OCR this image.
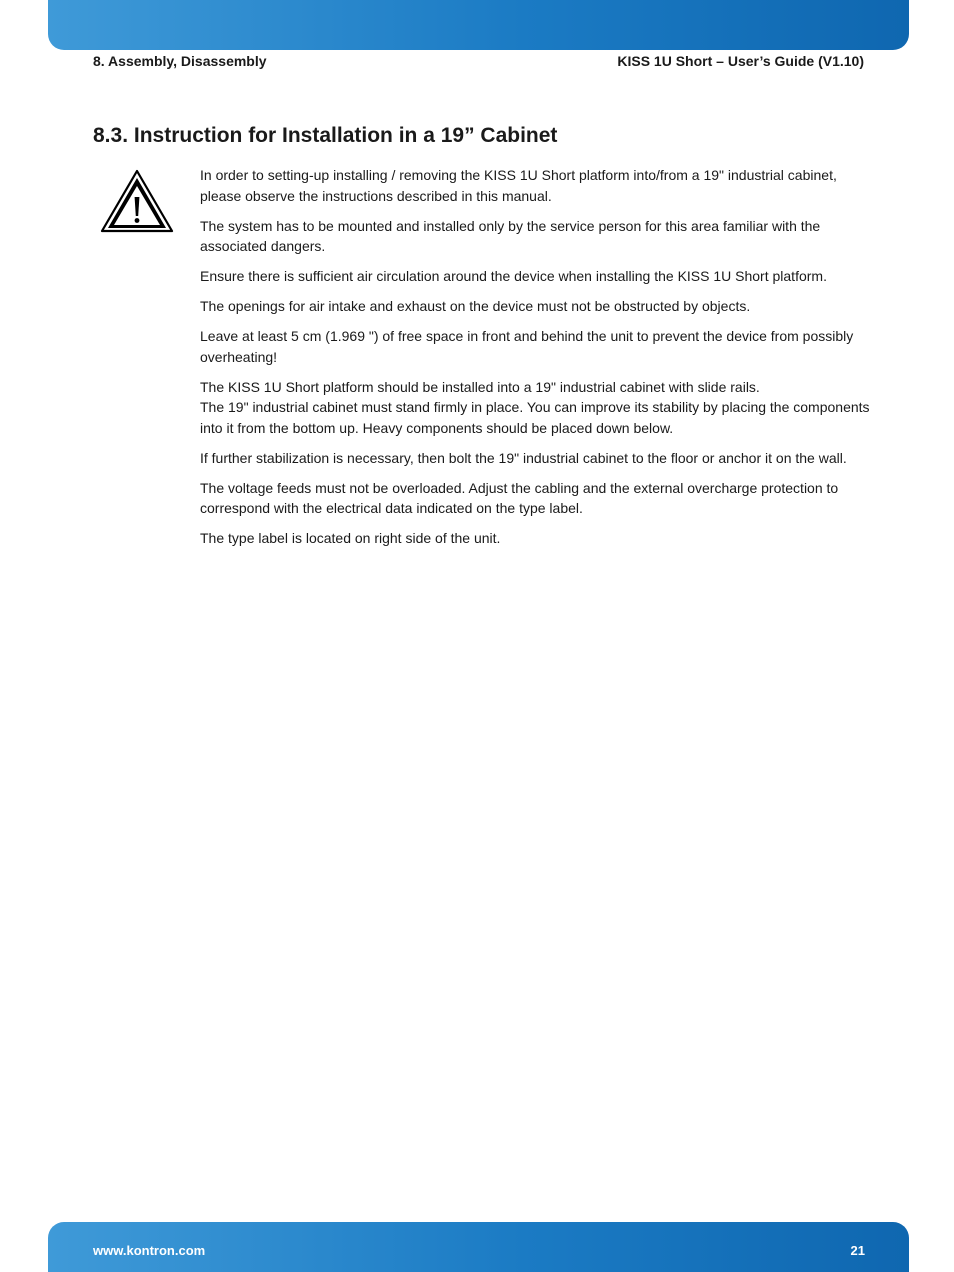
8. Assembly, Disassembly	KISS 1U Short – User’s Guide (V1.10)
8.3. Instruction for Installation in a 19” Cabinet

In order to setting-up installing / removing the KISS 1U Short platform into/from a 19" industrial cabinet, please observe the instructions described in this manual.

The system has to be mounted and installed only by the service person for this area familiar with the associated dangers.

Ensure there is sufficient air circulation around the device when installing the KISS 1U Short platform.

The openings for air intake and exhaust on the device must not be obstructed by objects.

Leave at least 5 cm (1.969 ") of free space in front and behind the unit to prevent the device from possibly overheating!

The KISS 1U Short platform should be installed into a 19" industrial cabinet with slide rails.
The 19" industrial cabinet must stand firmly in place. You can improve its stability by placing the components into it from the bottom up. Heavy components should be placed down below.

If further stabilization is necessary, then bolt the 19" industrial cabinet to the floor or anchor it on the wall.

The voltage feeds must not be overloaded. Adjust the cabling and the external overcharge protection to correspond with the electrical data indicated on the type label.

The type label is located on right side of the unit.

www.kontron.com	21
